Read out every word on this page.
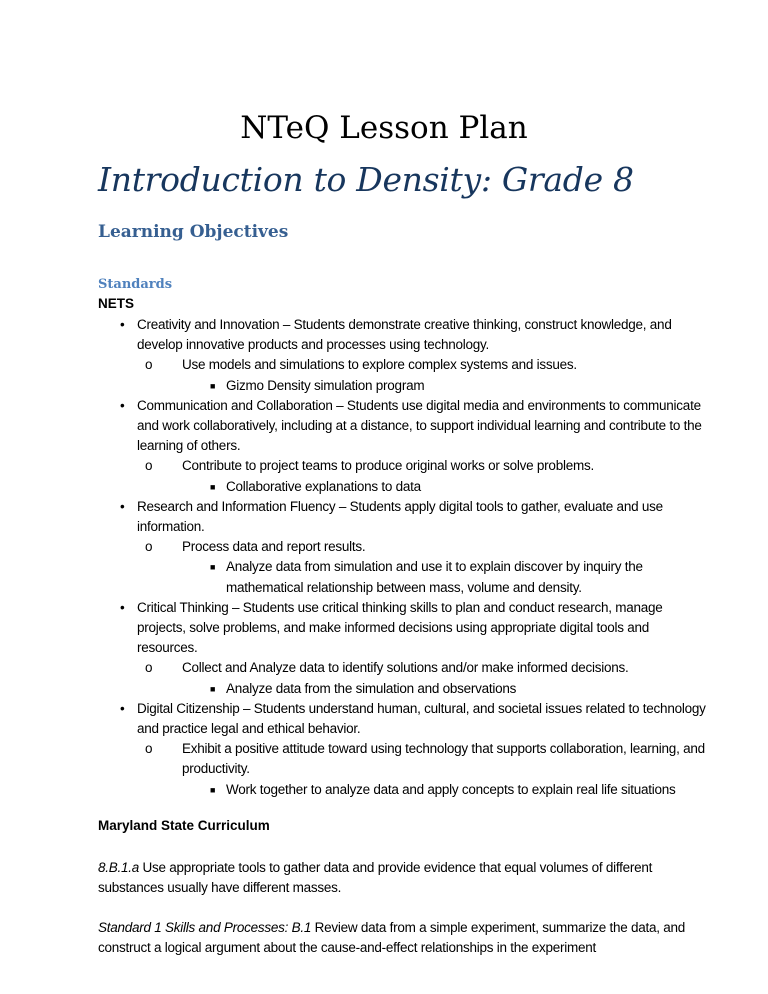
NTeQ Lesson Plan
Introduction to Density: Grade 8
Learning Objectives
Standards
NETS
• Creativity and Innovation – Students demonstrate creative thinking, construct knowledge, and develop innovative products and processes using technology.
o Use models and simulations to explore complex systems and issues.
■ Gizmo Density simulation program
• Communication and Collaboration – Students use digital media and environments to communicate and work collaboratively, including at a distance, to support individual learning and contribute to the learning of others.
o Contribute to project teams to produce original works or solve problems.
■ Collaborative explanations to data
• Research and Information Fluency – Students apply digital tools to gather, evaluate and use information.
o Process data and report results.
■ Analyze data from simulation and use it to explain discover by inquiry the mathematical relationship between mass, volume and density.
• Critical Thinking – Students use critical thinking skills to plan and conduct research, manage projects, solve problems, and make informed decisions using appropriate digital tools and resources.
o Collect and Analyze data to identify solutions and/or make informed decisions.
■ Analyze data from the simulation and observations
• Digital Citizenship – Students understand human, cultural, and societal issues related to technology and practice legal and ethical behavior.
o Exhibit a positive attitude toward using technology that supports collaboration, learning, and productivity.
■ Work together to analyze data and apply concepts to explain real life situations
Maryland State Curriculum
8.B.1.a Use appropriate tools to gather data and provide evidence that equal volumes of different substances usually have different masses.
Standard 1 Skills and Processes: B.1 Review data from a simple experiment, summarize the data, and construct a logical argument about the cause-and-effect relationships in the experiment
